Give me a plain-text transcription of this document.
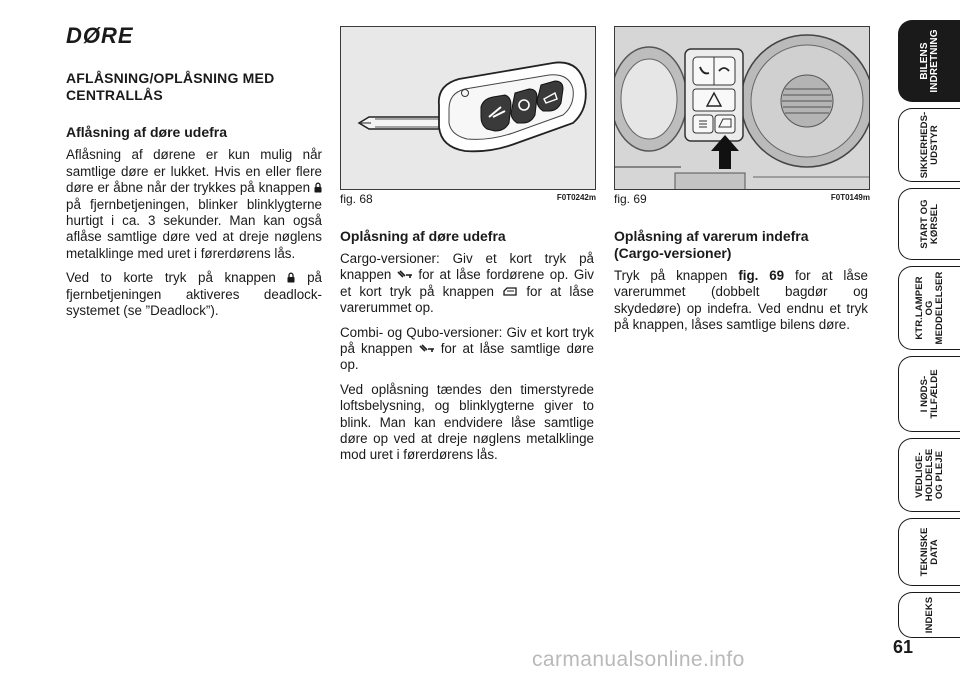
DØRE
AFLÅSNING/OPLÅSNING MED CENTRALLÅS
Aflåsning af døre udefra

Aflåsning af dørene er kun mulig når samtlige døre er lukket. Hvis en eller flere døre er åbne når der trykkes på knappen  på fjernbetjeningen, blinker blinklygterne hurtigt i ca. 3 sekunder. Man kan også aflåse samtlige døre ved at dreje nøglens metalklinge med uret i førerdørens lås.

Ved to korte tryk på knappen på fjernbetjeningen aktiveres deadlock-systemet (se ”Deadlock”).

fig. 68	F0T0242m fig. 69	F0T0149m
Oplåsning af døre udefra

Cargo-versioner: Giv et kort tryk på knappen for at låse fordørene op. Giv et kort tryk på knappen for at låse varerummet op.

Combi- og Qubo-versioner: Giv et kort tryk på knappen for at låse samtlige døre op.

Ved oplåsning tændes den timerstyrede loftsbelysning, og blinklygterne giver to blink. Man kan endvidere låse samtlige døre op ved at dreje nøglens metalklinge mod uret i førerdørens lås.

Oplåsning af varerum indefra
(Cargo-versioner)

Tryk på knappen fig. 69 for at låse varerummet (dobbelt bagdør og skydedøre) op indefra. Ved endnu et tryk på knappen, låses samtlige bilens døre.

BILENS
INDRETNING
SIKKERHEDS-
UDSTYR
START OG
KØRSEL
KTR.LAMPER
OG
MEDDELELSER
I NØDS-
TILFÆLDE
VEDLIGE-
HOLDELSE
OG PLEJE
TEKNISKE
DATA
INDEKS
61
carmanualsonline.info
